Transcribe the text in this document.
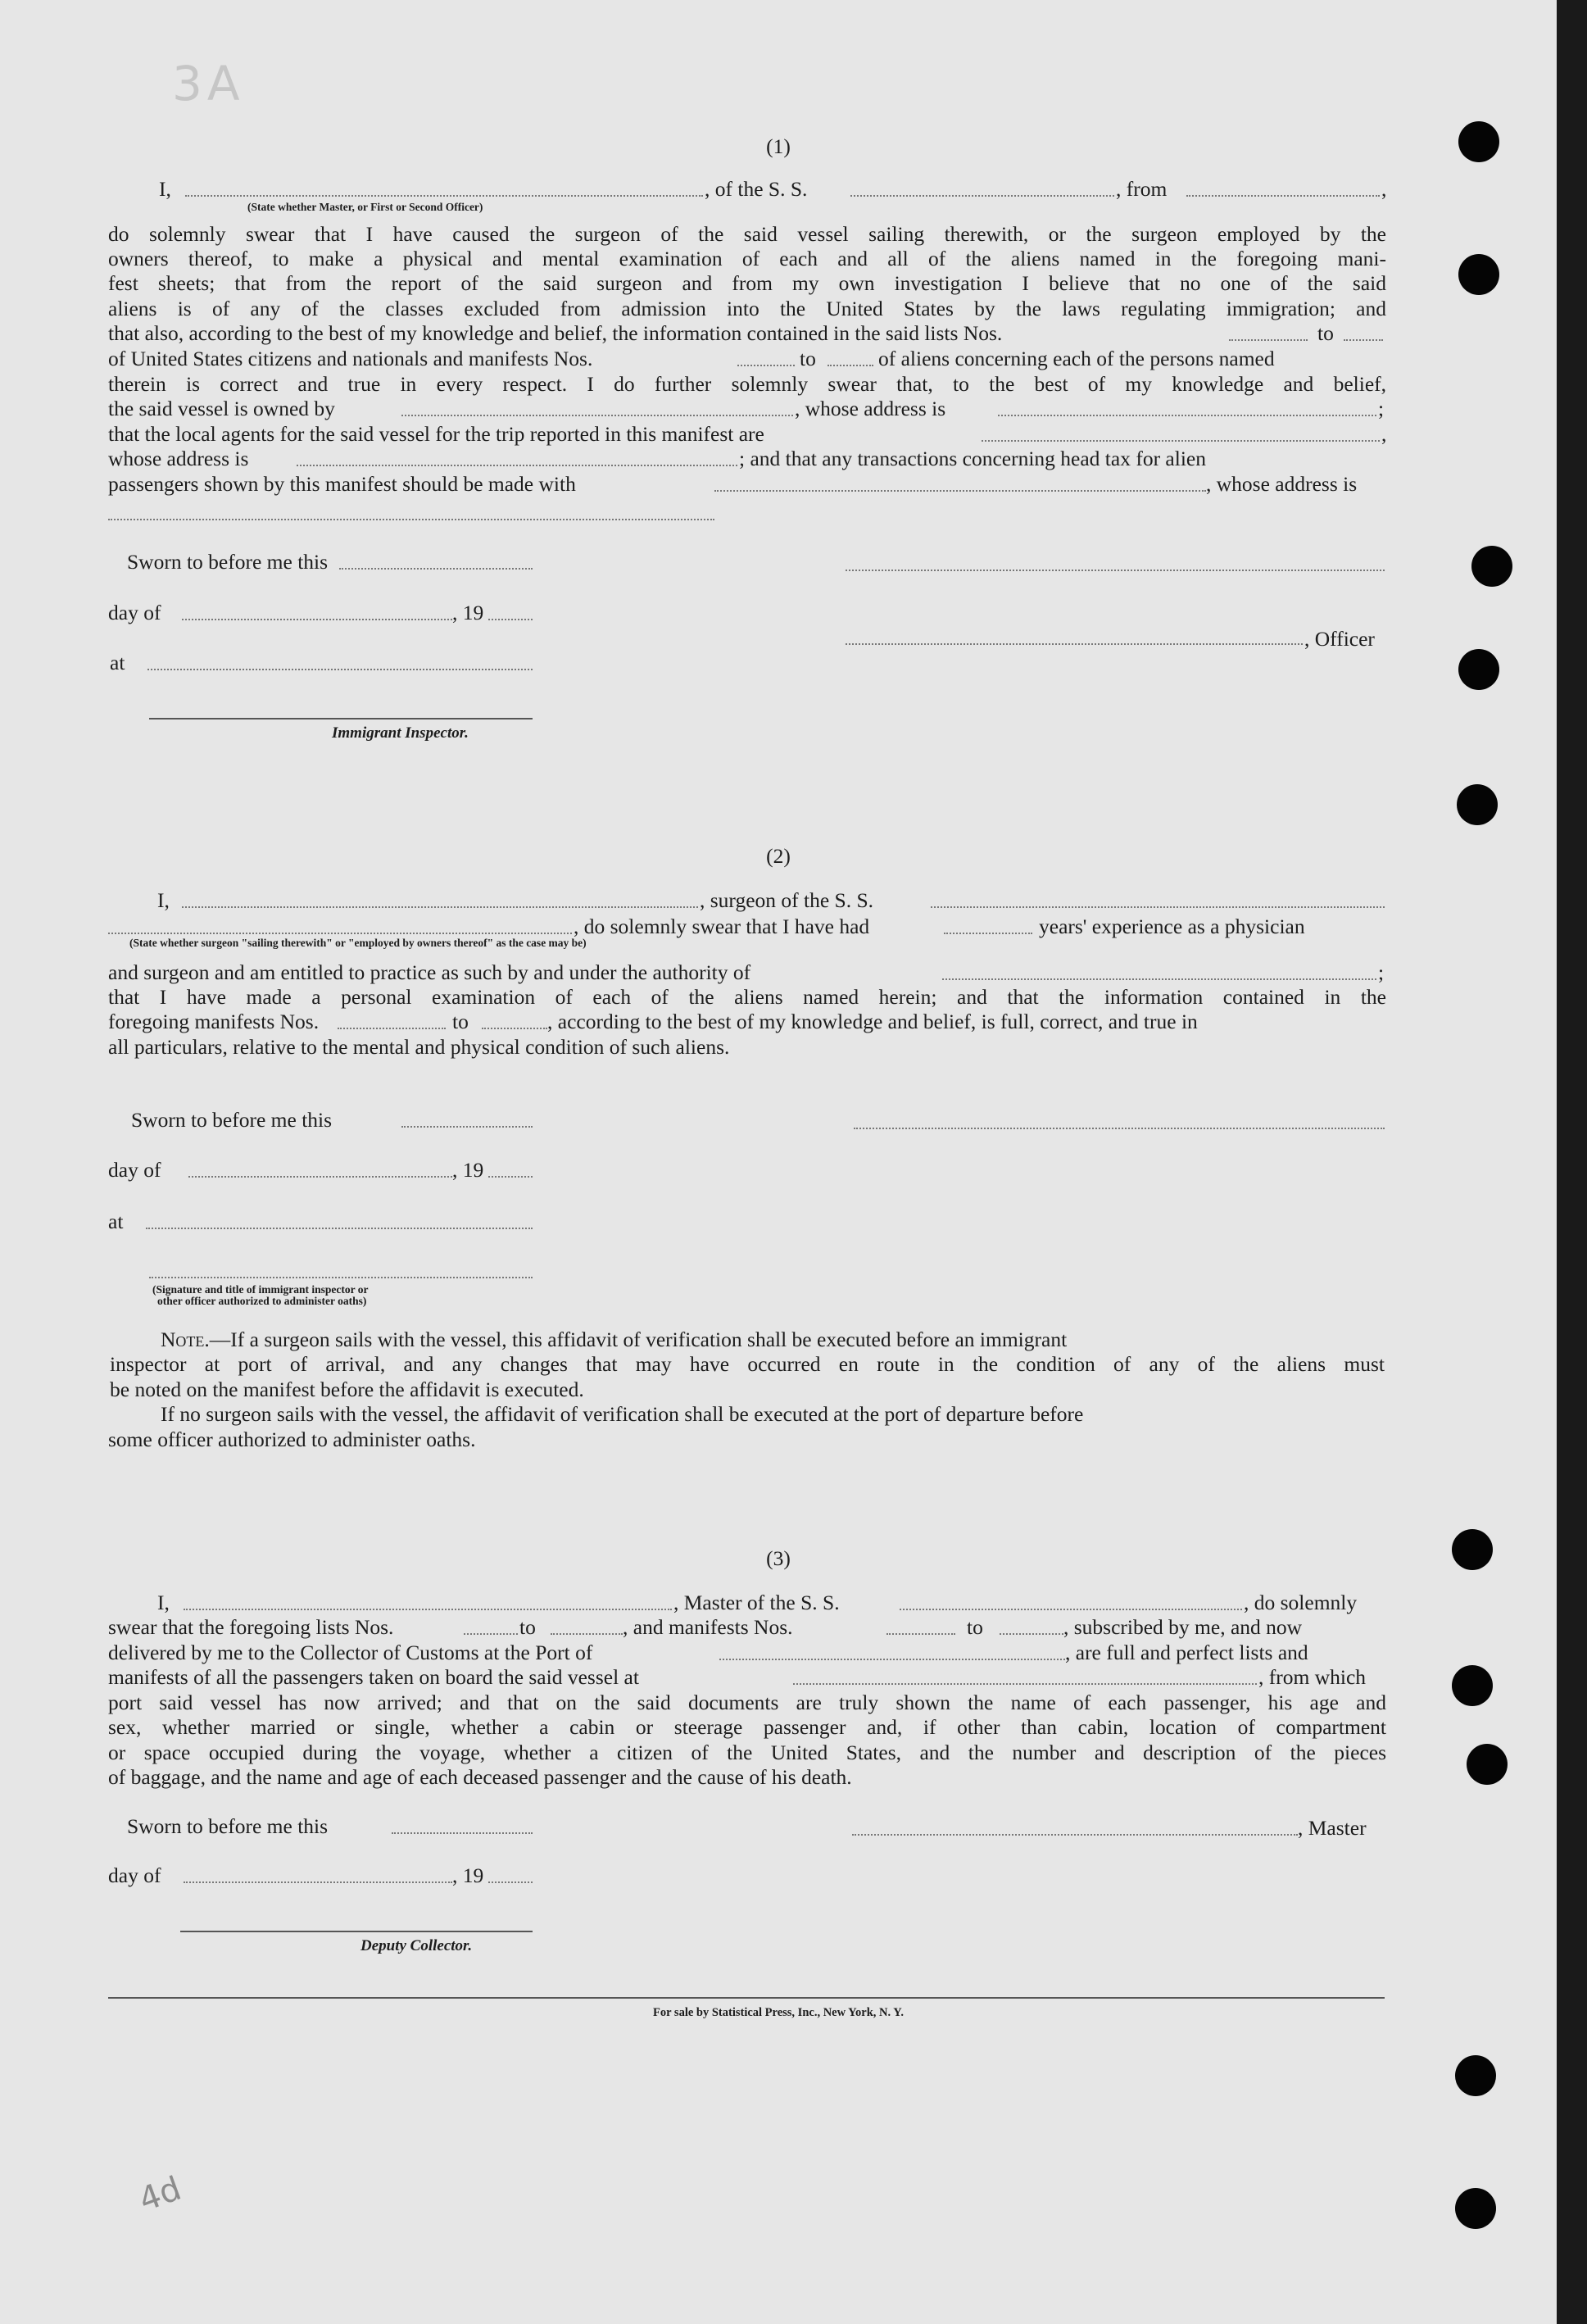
3A
(1)
I,	, of the S. S.	, from	,
(State whether Master, or First or Second Officer)
do solemnly swear that I have caused the surgeon of the said vessel sailing therewith, or the surgeon employed by the
owners thereof, to make a physical and mental examination of each and all of the aliens named in the foregoing mani-
fest sheets; that from the report of the said surgeon and from my own investigation I believe that no one of the said
aliens is of any of the classes excluded from admission into the United States by the laws regulating immigration; and
that also, according to the best of my knowledge and belief, the information contained in the said lists Nos.	to
of United States citizens and nationals and manifests Nos.	to	of aliens concerning each of the persons named
therein is correct and true in every respect. I do further solemnly swear that, to the best of my knowledge and belief,
the said vessel is owned by	, whose address is	;
that the local agents for the said vessel for the trip reported in this manifest are	,
whose address is	; and that any transactions concerning head tax for alien
passengers shown by this manifest should be made with	, whose address is
Sworn to before me this
day of	, 19
, Officer
at
Immigrant Inspector.
(2)
I,	, surgeon of the S. S.
, do solemnly swear that I have had	years' experience as a physician
(State whether surgeon "sailing therewith" or "employed by owners thereof" as the case may be)
and surgeon and am entitled to practice as such by and under the authority of	;
that I have made a personal examination of each of the aliens named herein; and that the information contained in the
foregoing manifests Nos.	to	, according to the best of my knowledge and belief, is full, correct, and true in
all particulars, relative to the mental and physical condition of such aliens.
Sworn to before me this
day of	, 19
at
(Signature and title of immigrant inspector or
other officer authorized to administer oaths)
Note.—If a surgeon sails with the vessel, this affidavit of verification shall be executed before an immigrant
inspector at port of arrival, and any changes that may have occurred en route in the condition of any of the aliens must
be noted on the manifest before the affidavit is executed.
If no surgeon sails with the vessel, the affidavit of verification shall be executed at the port of departure before
some officer authorized to administer oaths.
(3)
I,	, Master of the S. S.	, do solemnly
swear that the foregoing lists Nos.	to	, and manifests Nos.	to	, subscribed by me, and now
delivered by me to the Collector of Customs at the Port of	, are full and perfect lists and
manifests of all the passengers taken on board the said vessel at	, from which
port said vessel has now arrived; and that on the said documents are truly shown the name of each passenger, his age and
sex, whether married or single, whether a cabin or steerage passenger and, if other than cabin, location of compartment
or space occupied during the voyage, whether a citizen of the United States, and the number and description of the pieces
of baggage, and the name and age of each deceased passenger and the cause of his death.
Sworn to before me this	, Master
day of	, 19
Deputy Collector.
For sale by Statistical Press, Inc., New York, N. Y.
4d
